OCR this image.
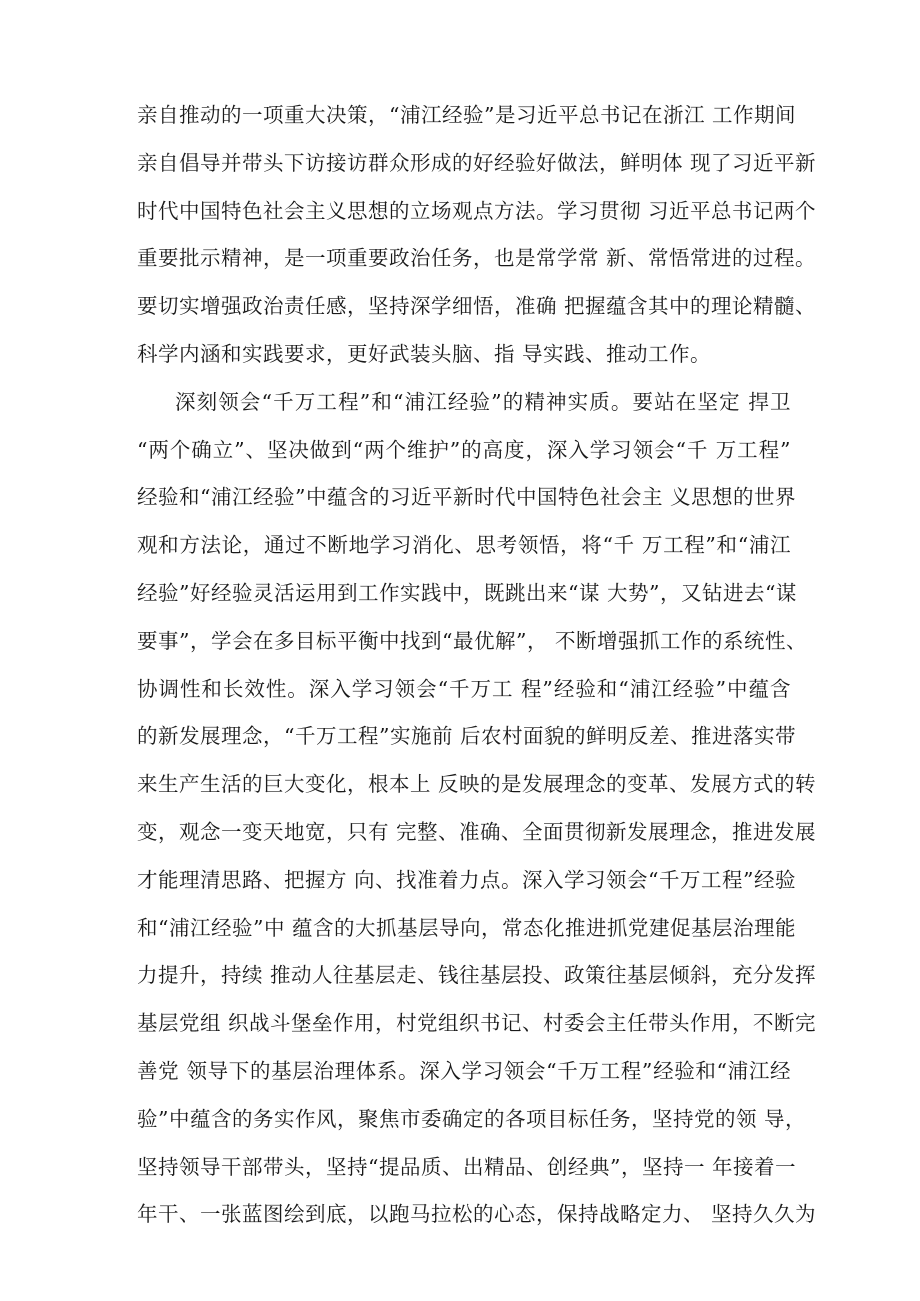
亲自推动的一项重大决策，“浦江经验”是习近平总书记在浙江 工作期间
亲自倡导并带头下访接访群众形成的好经验好做法，鲜明体 现了习近平新
时代中国特色社会主义思想的立场观点方法。学习贯彻 习近平总书记两个
重要批示精神，是一项重要政治任务，也是常学常 新、常悟常进的过程。
要切实增强政治责任感，坚持深学细悟，准确 把握蕴含其中的理论精髓、
科学内涵和实践要求，更好武装头脑、指 导实践、推动工作。
深刻领会“千万工程”和“浦江经验”的精神实质。要站在坚定 捍卫
“两个确立”、坚决做到“两个维护”的高度，深入学习领会“千 万工程”
经验和“浦江经验”中蕴含的习近平新时代中国特色社会主 义思想的世界
观和方法论，通过不断地学习消化、思考领悟，将“千 万工程”和“浦江
经验”好经验灵活运用到工作实践中，既跳出来“谋 大势”，又钻进去“谋
要事”，学会在多目标平衡中找到“最优解”， 不断增强抓工作的系统性、
协调性和长效性。深入学习领会“千万工 程”经验和“浦江经验”中蕴含
的新发展理念，“千万工程”实施前 后农村面貌的鲜明反差、推进落实带
来生产生活的巨大变化，根本上 反映的是发展理念的变革、发展方式的转
变，观念一变天地宽，只有 完整、准确、全面贯彻新发展理念，推进发展
才能理清思路、把握方 向、找准着力点。深入学习领会“千万工程”经验
和“浦江经验”中 蕴含的大抓基层导向，常态化推进抓党建促基层治理能
力提升，持续 推动人往基层走、钱往基层投、政策往基层倾斜，充分发挥
基层党组 织战斗堡垒作用，村党组织书记、村委会主任带头作用，不断完
善党 领导下的基层治理体系。深入学习领会“千万工程”经验和“浦江经
验”中蕴含的务实作风，聚焦市委确定的各项目标任务，坚持党的领 导，
坚持领导干部带头，坚持“提品质、出精品、创经典”，坚持一 年接着一
年干、一张蓝图绘到底，以跑马拉松的心态，保持战略定力、 坚持久久为
